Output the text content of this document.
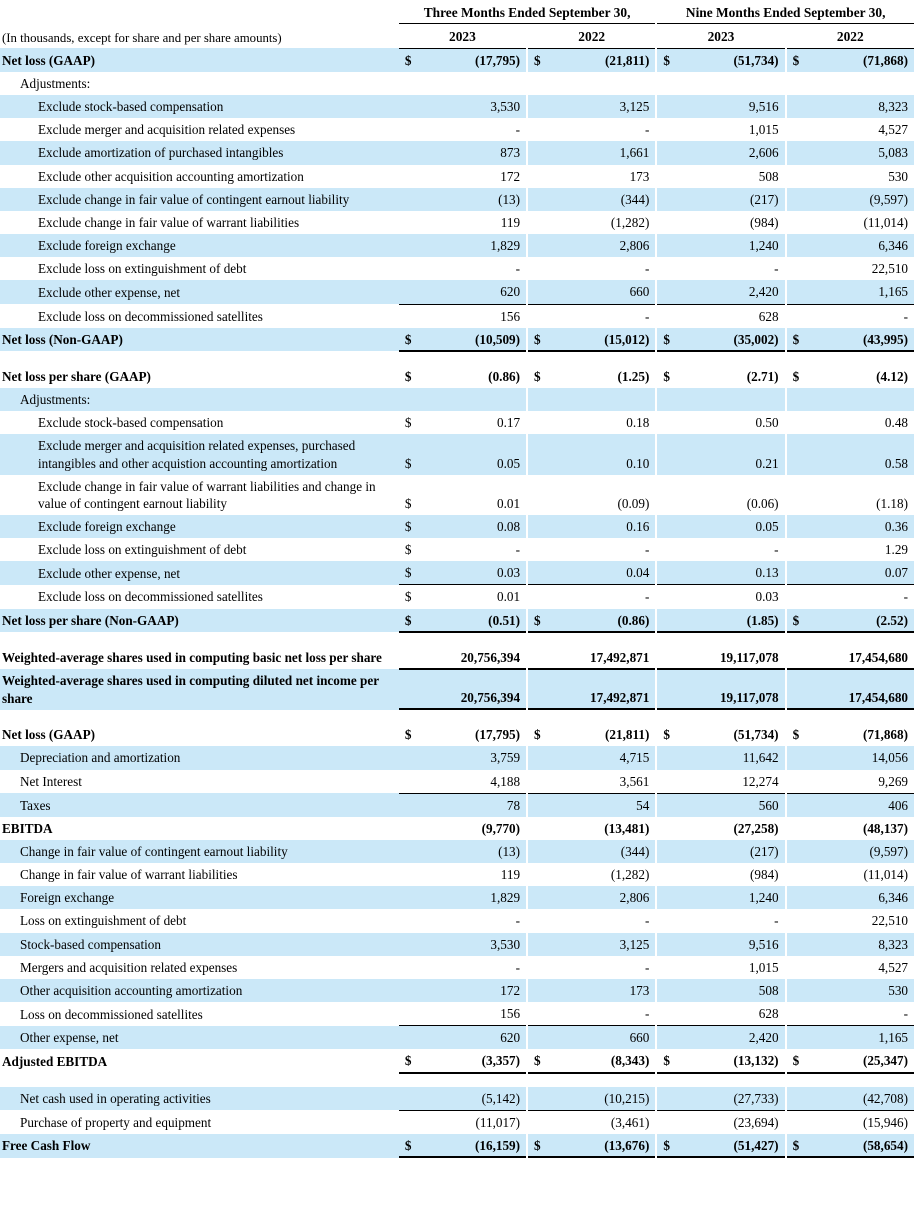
	Three Months Ended September 30,						Nine Months Ended September 30,				
(In thousands, except for share and per share amounts)	2023			2022			2023			2022	
Net loss (GAAP)	$	(17,795)		$	(21,811)		$	(51,734)		$	(71,868)
Adjustments:											
Exclude stock-based compensation		3,530			3,125			9,516			8,323
Exclude merger and acquisition related expenses		-			-			1,015			4,527
Exclude amortization of purchased intangibles		873			1,661			2,606			5,083
Exclude other acquisition accounting amortization		172			173			508			530
Exclude change in fair value of contingent earnout liability		(13)			(344)			(217)			(9,597)
Exclude change in fair value of warrant liabilities		119			(1,282)			(984)			(11,014)
Exclude foreign exchange		1,829			2,806			1,240			6,346
Exclude loss on extinguishment of debt		-			-			-			22,510
Exclude other expense, net		620			660			2,420			1,165
Exclude loss on decommissioned satellites		156			-			628			-
Net loss (Non-GAAP)	$	(10,509)		$	(15,012)		$	(35,002)		$	(43,995)

Net loss per share (GAAP)	$	(0.86)		$	(1.25)		$	(2.71)		$	(4.12)
Adjustments:											
Exclude stock-based compensation	$	0.17			0.18			0.50			0.48
Exclude merger and acquisition related expenses, purchased intangibles and other acquistion accounting amortization	$	0.05			0.10			0.21			0.58
Exclude change in fair value of warrant liabilities and change in value of contingent earnout liability	$	0.01			(0.09)			(0.06)			(1.18)
Exclude foreign exchange	$	0.08			0.16			0.05			0.36
Exclude loss on extinguishment of debt	$	-			-			-			1.29
Exclude other expense, net	$	0.03			0.04			0.13			0.07
Exclude loss on decommissioned satellites	$	0.01			-			0.03			-
Net loss per share (Non-GAAP)	$	(0.51)		$	(0.86)			(1.85)		$	(2.52)

Weighted-average shares used in computing basic net loss per share		20,756,394			17,492,871			19,117,078			17,454,680
Weighted-average shares used in computing diluted net income per share		20,756,394			17,492,871			19,117,078			17,454,680

Net loss (GAAP)	$	(17,795)		$	(21,811)		$	(51,734)		$	(71,868)
Depreciation and amortization		3,759			4,715			11,642			14,056
Net Interest		4,188			3,561			12,274			9,269
Taxes		78			54			560			406
EBITDA		(9,770)			(13,481)			(27,258)			(48,137)
Change in fair value of contingent earnout liability		(13)			(344)			(217)			(9,597)
Change in fair value of warrant liabilities		119			(1,282)			(984)			(11,014)
Foreign exchange		1,829			2,806			1,240			6,346
Loss on extinguishment of debt		-			-			-			22,510
Stock-based compensation		3,530			3,125			9,516			8,323
Mergers and acquisition related expenses		-			-			1,015			4,527
Other acquisition accounting amortization		172			173			508			530
Loss on decommissioned satellites		156			-			628			-
Other expense, net		620			660			2,420			1,165
Adjusted EBITDA	$	(3,357)		$	(8,343)		$	(13,132)		$	(25,347)

Net cash used in operating activities		(5,142)			(10,215)			(27,733)			(42,708)
Purchase of property and equipment		(11,017)			(3,461)			(23,694)			(15,946)
Free Cash Flow	$	(16,159)		$	(13,676)		$	(51,427)		$	(58,654)
